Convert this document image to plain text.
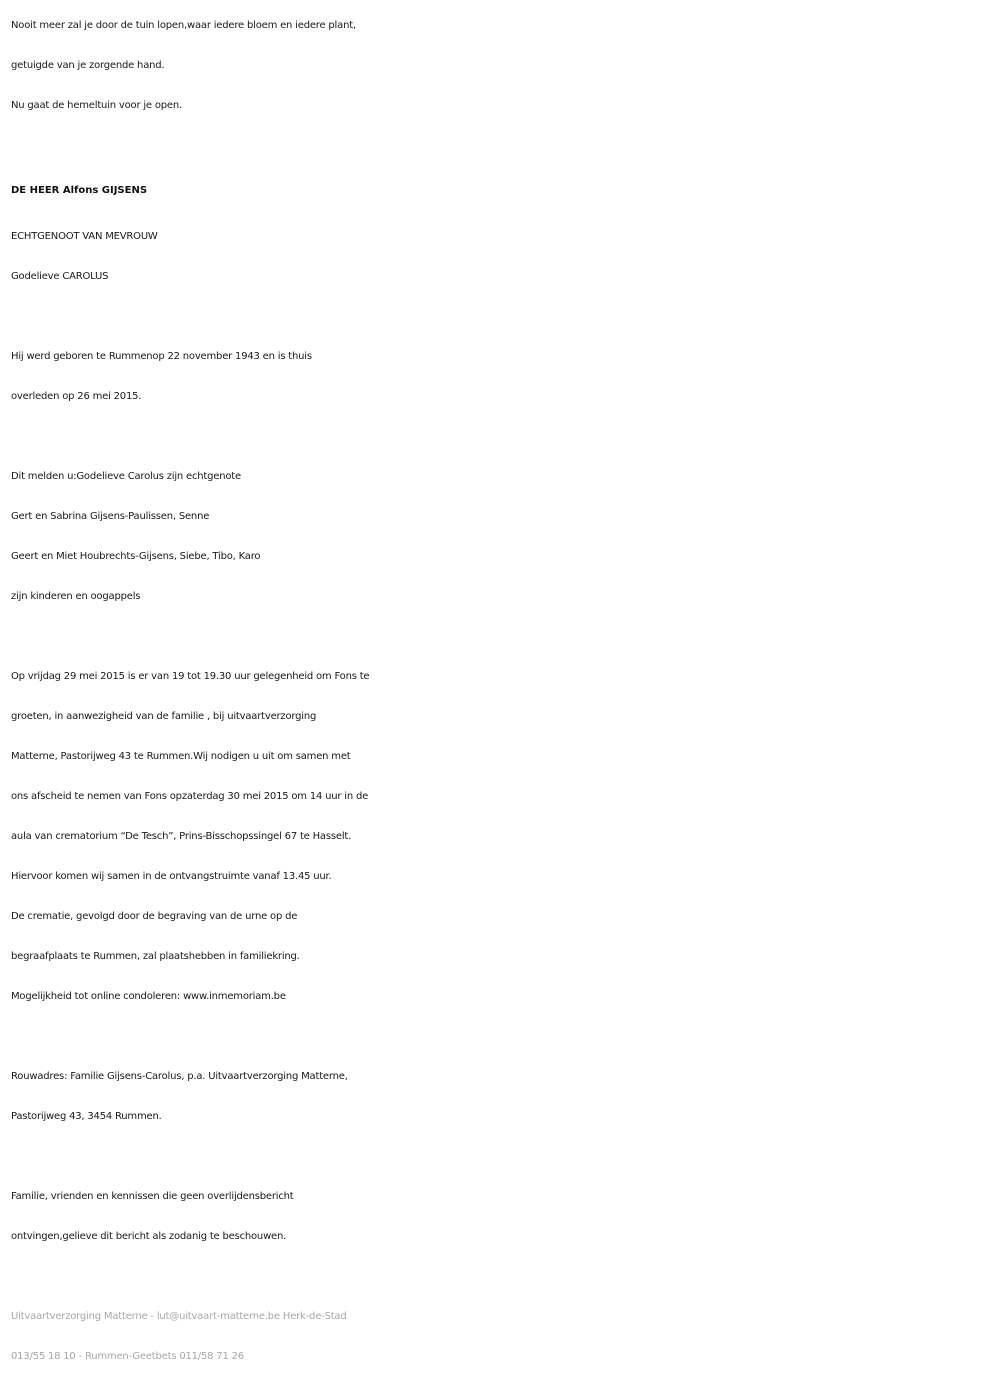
Nooit meer zal je door de tuin lopen,waar iedere bloem en iedere plant,
getuigde van je zorgende hand.
Nu gaat de hemeltuin voor je open.
DE HEER Alfons GIJSENS
ECHTGENOOT VAN MEVROUW
Godelieve CAROLUS
Hij werd geboren te Rummenop 22 november 1943 en is thuis
overleden op 26 mei 2015.
Dit melden u:Godelieve Carolus zijn echtgenote
Gert en Sabrina Gijsens-Paulissen, Senne
Geert en Miet Houbrechts-Gijsens, Siebe, Tibo, Karo
zijn kinderen en oogappels
Op vrijdag 29 mei 2015 is er van 19 tot 19.30 uur gelegenheid om Fons te
groeten, in aanwezigheid van de familie , bij uitvaartverzorging
Matterne, Pastorijweg 43 te Rummen.Wij nodigen u uit om samen met
ons afscheid te nemen van Fons opzaterdag 30 mei 2015 om 14 uur in de
aula van crematorium “De Tesch”, Prins-Bisschopssingel 67 te Hasselt.
Hiervoor komen wij samen in de ontvangstruimte vanaf 13.45 uur.
De crematie, gevolgd door de begraving van de urne op de
begraafplaats te Rummen, zal plaatshebben in familiekring.
Mogelijkheid tot online condoleren: www.inmemoriam.be
Rouwadres: Familie Gijsens-Carolus, p.a. Uitvaartverzorging Matterne,
Pastorijweg 43, 3454 Rummen.
Familie, vrienden en kennissen die geen overlijdensbericht
ontvingen,gelieve dit bericht als zodanig te beschouwen.
Uitvaartverzorging Matterne - lut@uitvaart-matterne.be Herk-de-Stad
013/55 18 10 - Rummen-Geetbets 011/58 71 26
